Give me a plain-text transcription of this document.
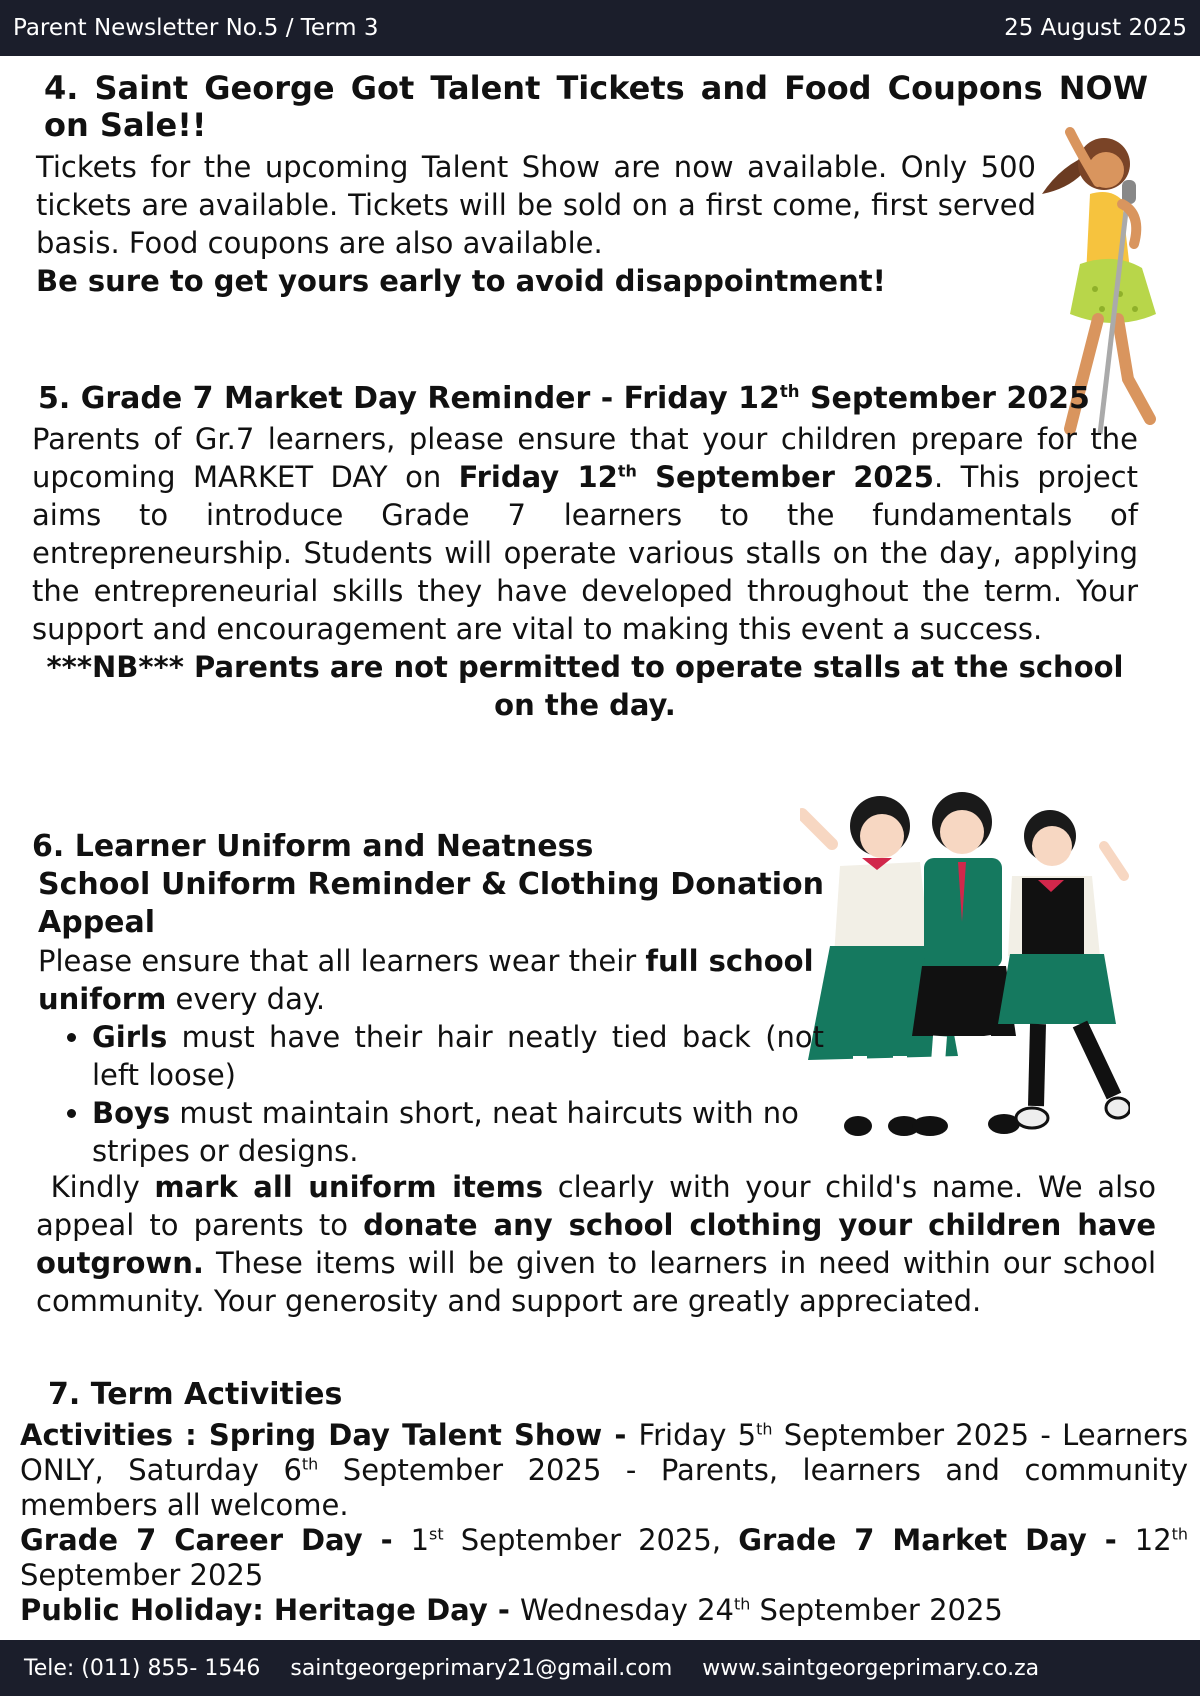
Parent Newsletter No.5 / Term 3	25 August 2025
4. Saint George Got Talent Tickets and Food Coupons NOW on Sale!!

Tickets for the upcoming Talent Show are now available. Only 500 tickets are available. Tickets will be sold on a first come, first served basis. Food coupons are also available.

Be sure to get yours early to avoid disappointment!

5. Grade 7 Market Day Reminder - Friday 12th September 2025

Parents of Gr.7 learners, please ensure that your children prepare for the upcoming MARKET DAY on Friday 12th September 2025. This project aims to introduce Grade 7 learners to the fundamentals of entrepreneurship. Students will operate various stalls on the day, applying the entrepreneurial skills they have developed throughout the term. Your support and encouragement are vital to making this event a success.

***NB*** Parents are not permitted to operate stalls at the school on the day.

6. Learner Uniform and Neatness
School Uniform Reminder & Clothing Donation Appeal

Please ensure that all learners wear their full school uniform every day.

• Girls must have their hair neatly tied back (not left loose)
• Boys must maintain short, neat haircuts with no stripes or designs.

Kindly mark all uniform items clearly with your child's name. We also appeal to parents to donate any school clothing your children have outgrown. These items will be given to learners in need within our school community. Your generosity and support are greatly appreciated.

7. Term Activities

Activities : Spring Day Talent Show - Friday 5th September 2025 - Learners ONLY, Saturday 6th September 2025 - Parents, learners and community members all welcome.

Grade 7 Career Day - 1st September 2025, Grade 7 Market Day - 12th September 2025

Public Holiday: Heritage Day - Wednesday 24th September 2025

Tele: (011) 855- 1546 saintgeorgeprimary21@gmail.com www.saintgeorgeprimary.co.za
